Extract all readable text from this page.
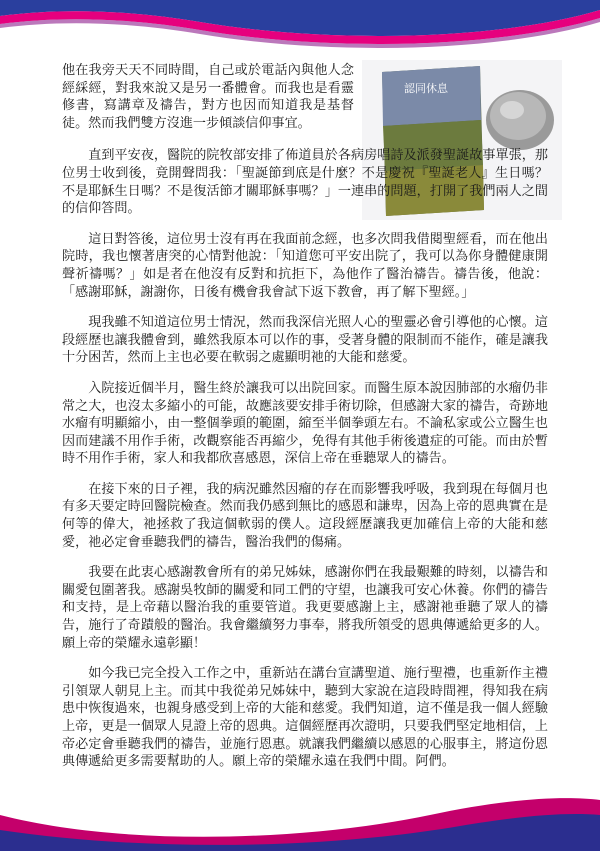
認同休息

他在我旁天天不同時間，自己或於電話內與他人念經綵經，對我來說又是另一番體會。而我也是看靈修書，寫講章及禱告，對方也因而知道我是基督徒。然而我們雙方沒進一步傾談信仰事宜。

直到平安夜，醫院的院牧部安排了佈道員於各病房唱詩及派發聖誕故事單張，那位男士收到後，竟開聲問我：「聖誕節到底是什麼？不是慶祝『聖誕老人』生日嗎？不是耶穌生日嗎？不是復活節才關耶穌事嗎？」一連串的問題，打開了我們兩人之間的信仰答問。

這日對答後，這位男士沒有再在我面前念經，也多次問我借閱聖經看，而在他出院時，我也懷著唐突的心情對他說：「知道您可平安出院了，我可以為你身體健康開聲祈禱嗎？」如是者在他沒有反對和抗拒下，為他作了醫治禱告。禱告後，他說：「感謝耶穌，謝謝你，日後有機會我會試下返下教會，再了解下聖經。」

現我雖不知道這位男士情況，然而我深信光照人心的聖靈必會引導他的心懷。這段經歷也讓我體會到，雖然我原本可以作的事，受著身體的限制而不能作，確是讓我十分困苦，然而上主也必要在軟弱之處顯明祂的大能和慈愛。

入院接近個半月，醫生終於讓我可以出院回家。而醫生原本說因肺部的水瘤仍非常之大，也沒太多縮小的可能，故應該要安排手術切除，但感謝大家的禱告，奇跡地水瘤有明顯縮小，由一整個拳頭的範圍，縮至半個拳頭左右。不論私家或公立醫生也因而建議不用作手術，改觀察能否再縮少，免得有其他手術後遺症的可能。而由於暫時不用作手術，家人和我都欣喜感恩，深信上帝在垂聽眾人的禱告。

在接下來的日子裡，我的病況雖然因瘤的存在而影響我呼吸，我到現在每個月也有多天要定時回醫院檢查。然而我仍感到無比的感恩和謙卑，因為上帝的恩典實在是何等的偉大，祂拯救了我這個軟弱的僕人。這段經歷讓我更加確信上帝的大能和慈愛，祂必定會垂聽我們的禱告，醫治我們的傷痛。

我要在此衷心感謝教會所有的弟兄姊妹，感謝你們在我最艱難的時刻，以禱告和關愛包圍著我。感謝吳牧師的關愛和同工們的守望，也讓我可安心休養。你們的禱告和支持，是上帝藉以醫治我的重要管道。我更要感謝上主，感謝祂垂聽了眾人的禱告，施行了奇蹟般的醫治。我會繼續努力事奉，將我所領受的恩典傳遞給更多的人。願上帝的榮耀永遠彰顯！

如今我已完全投入工作之中，重新站在講台宣講聖道、施行聖禮，也重新作主禮引領眾人朝見上主。而其中我從弟兄姊妹中，聽到大家說在這段時間裡，得知我在病患中恢復過來，也親身感受到上帝的大能和慈愛。我們知道，這不僅是我一個人經驗上帝，更是一個眾人見證上帝的恩典。這個經歷再次證明，只要我們堅定地相信，上帝必定會垂聽我們的禱告，並施行恩惠。就讓我們繼續以感恩的心服事主，將這份恩典傳遞給更多需要幫助的人。願上帝的榮耀永遠在我們中間。阿們。
